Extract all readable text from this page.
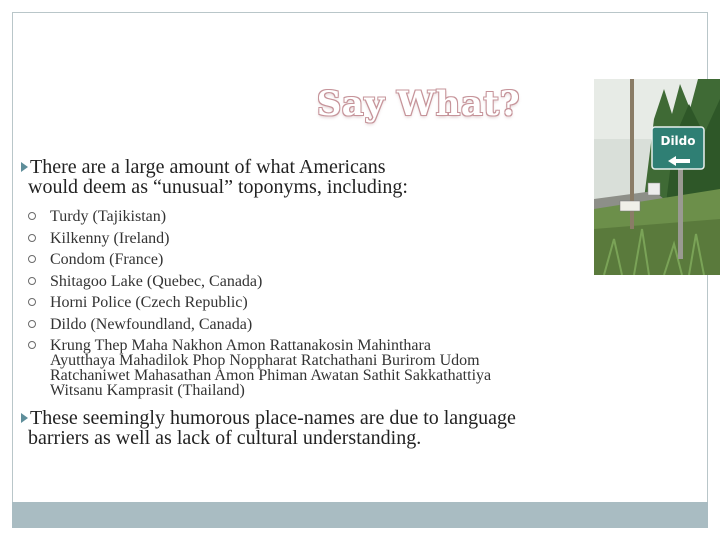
Say What?
Dildo
There are a large amount of what Americans
would deem as “unusual” toponyms, including:
Turdy (Tajikistan)
Kilkenny (Ireland)
Condom (France)
Shitagoo Lake (Quebec, Canada)
Horni Police (Czech Republic)
Dildo (Newfoundland, Canada)
Krung Thep Maha Nakhon Amon Rattanakosin Mahinthara
Ayutthaya Mahadilok Phop Noppharat Ratchathani Burirom Udom
Ratchaniwet Mahasathan Amon Phiman Awatan Sathit Sakkathattiya
Witsanu Kamprasit (Thailand)
These seemingly humorous place-names are due to language
barriers as well as lack of cultural understanding.
